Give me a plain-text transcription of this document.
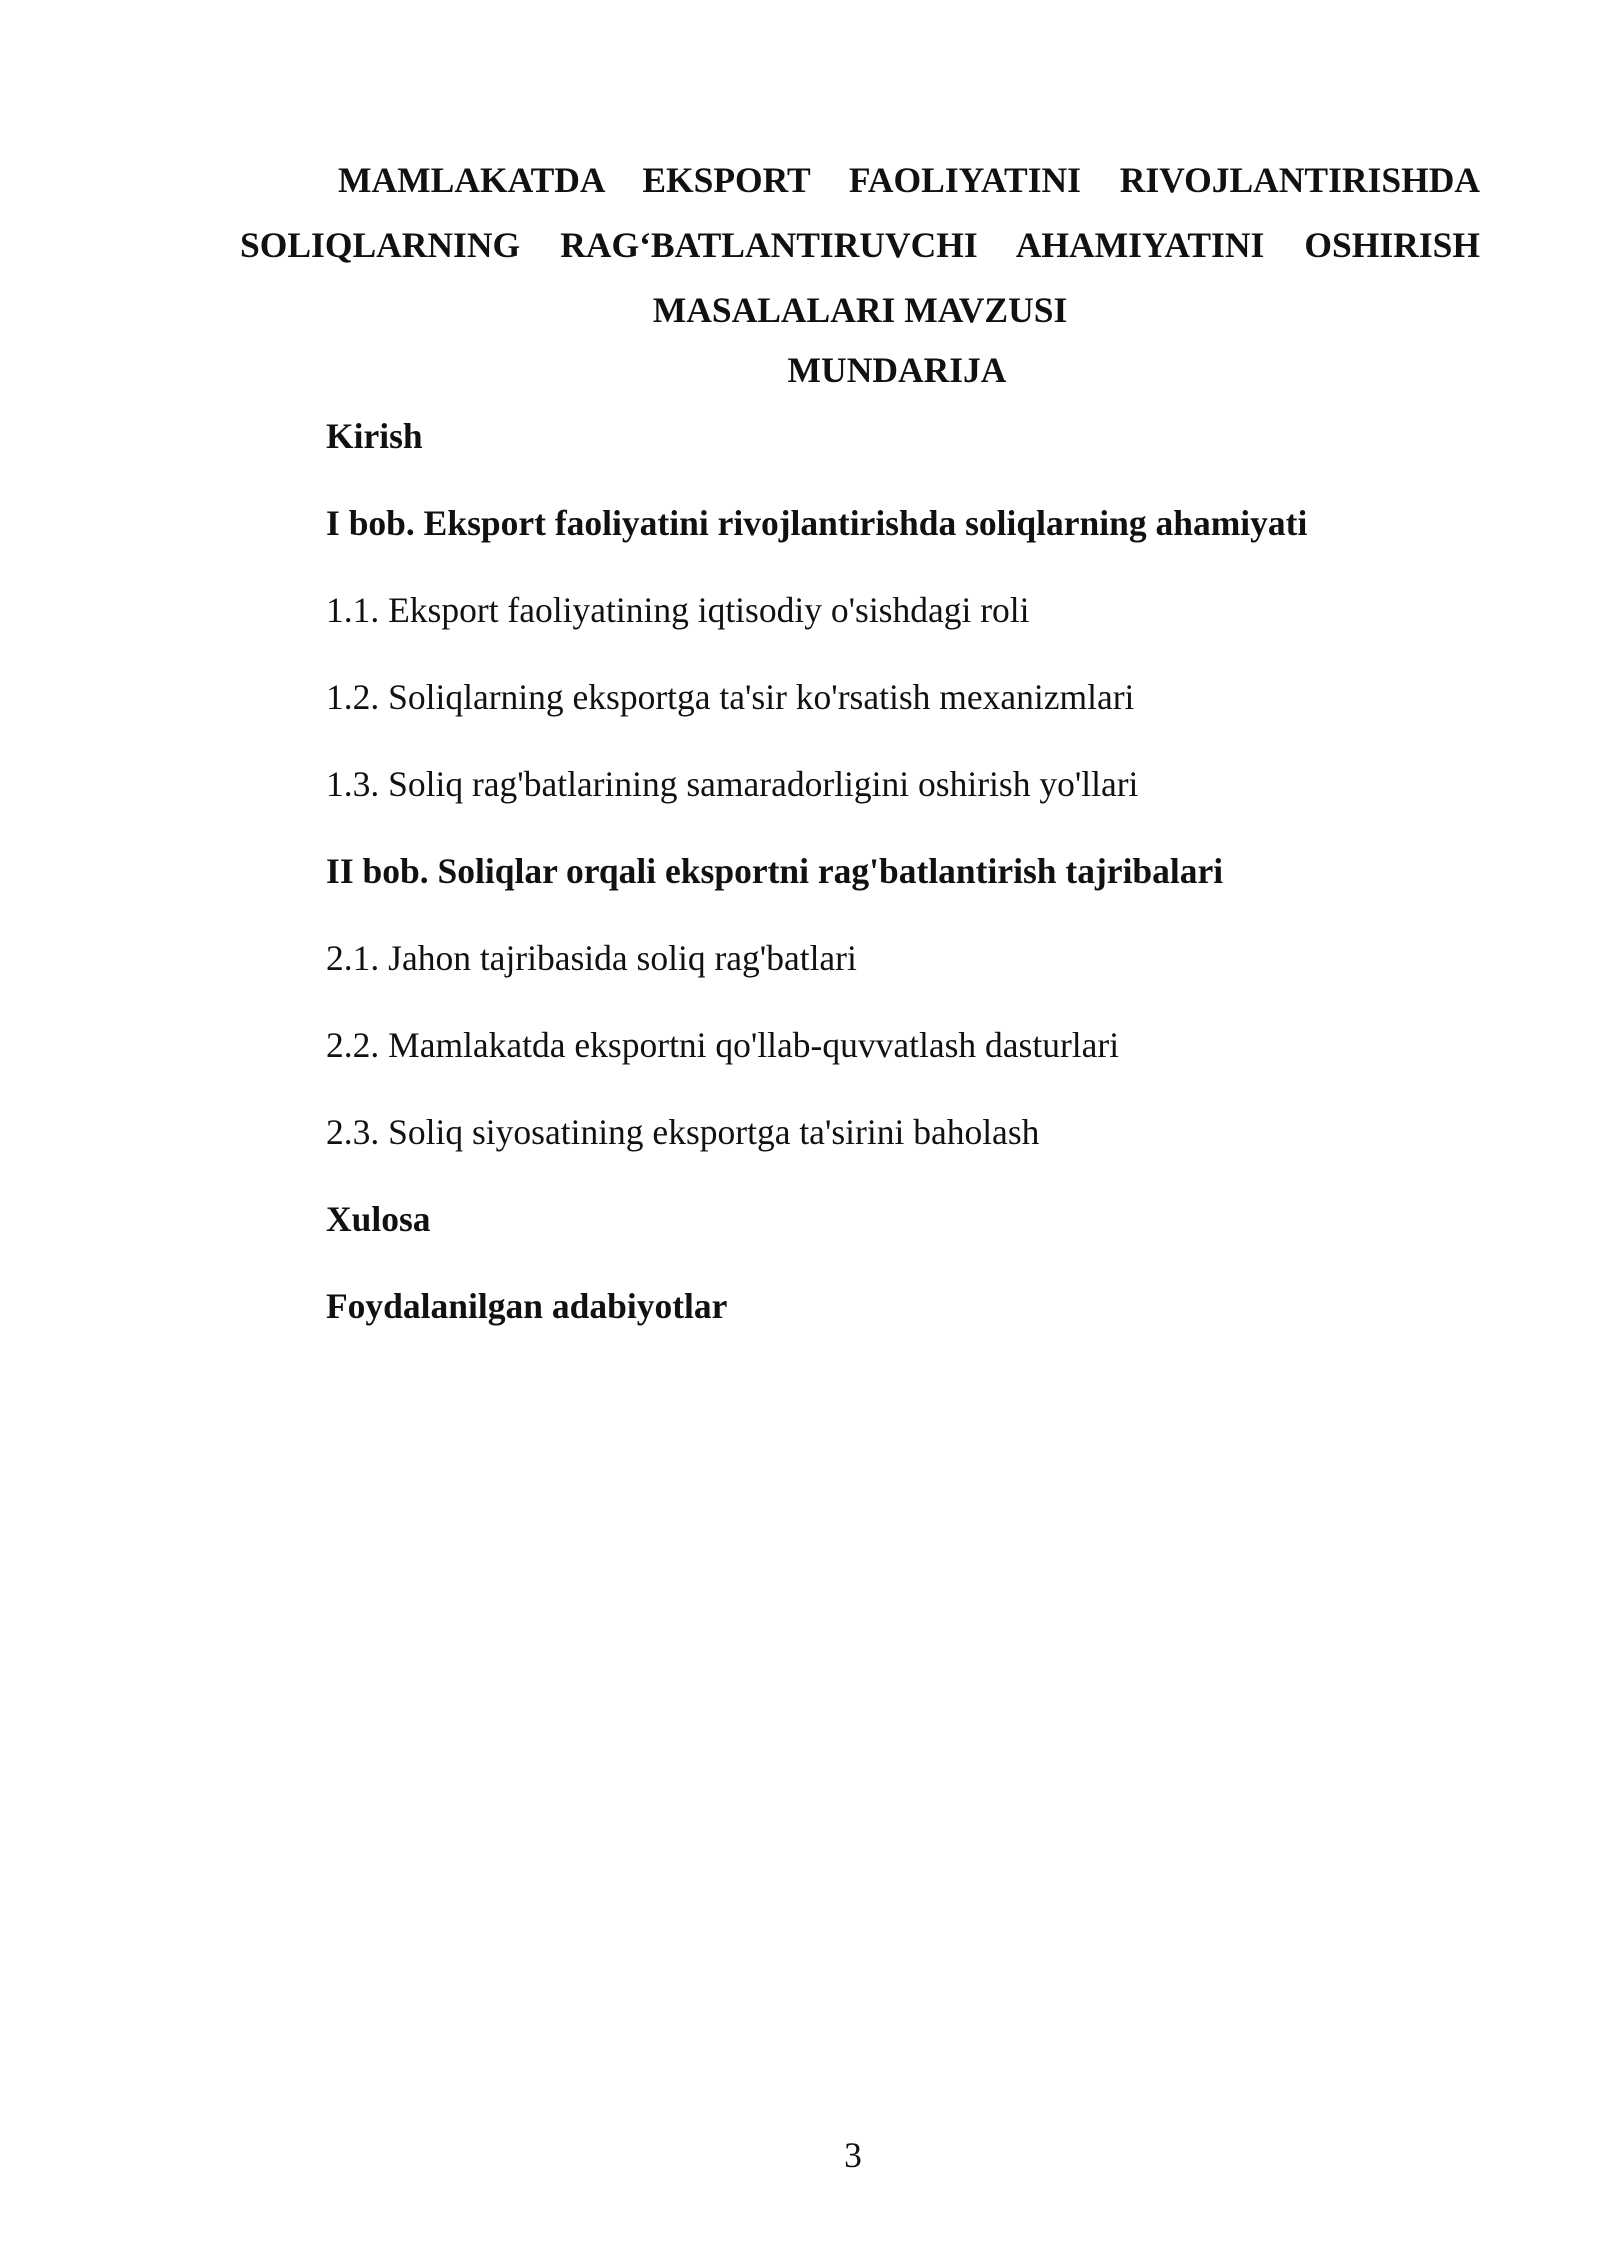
MAMLAKATDA EKSPORT FAOLIYATINI RIVOJLANTIRISHDA SOLIQLARNING RAG‘BATLANTIRUVCHI AHAMIYATINI OSHIRISH MASALALARI MAVZUSI
MUNDARIJA
Kirish
I bob. Eksport faoliyatini rivojlantirishda soliqlarning ahamiyati
1.1. Eksport faoliyatining iqtisodiy o'sishdagi roli
1.2. Soliqlarning eksportga ta'sir ko'rsatish mexanizmlari
1.3. Soliq rag'batlarining samaradorligini oshirish yo'llari
II bob. Soliqlar orqali eksportni rag'batlantirish tajribalari
2.1. Jahon tajribasida soliq rag'batlari
2.2. Mamlakatda eksportni qo'llab-quvvatlash dasturlari
2.3. Soliq siyosatining eksportga ta'sirini baholash
Xulosa
Foydalanilgan adabiyotlar
3
